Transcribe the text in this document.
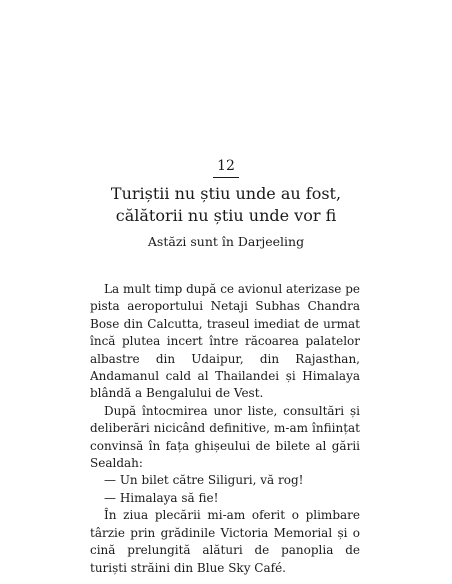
12
Turiștii nu știu unde au fost,
călătorii nu știu unde vor fi
Astăzi sunt în Darjeeling

La mult timp după ce avionul aterizase pe pista aeroportului Netaji Subhas Chandra Bose din Calcutta, traseul imediat de urmat încă plutea incert între răcoarea palatelor albastre din Udaipur, din Rajasthan, Andamanul cald al Thailandei și Himalaya blândă a Bengalului de Vest.

După întocmirea unor liste, consultări și deliberări nicicând definitive, m-am înființat convinsă în fața ghișeului de bilete al gării Sealdah:

— Un bilet către Siliguri, vă rog!

— Himalaya să fie!

În ziua plecării mi-am oferit o plimbare târzie prin grădinile Victoria Memorial și o cină prelungită alături de panoplia de turiști străini din Blue Sky Café.
